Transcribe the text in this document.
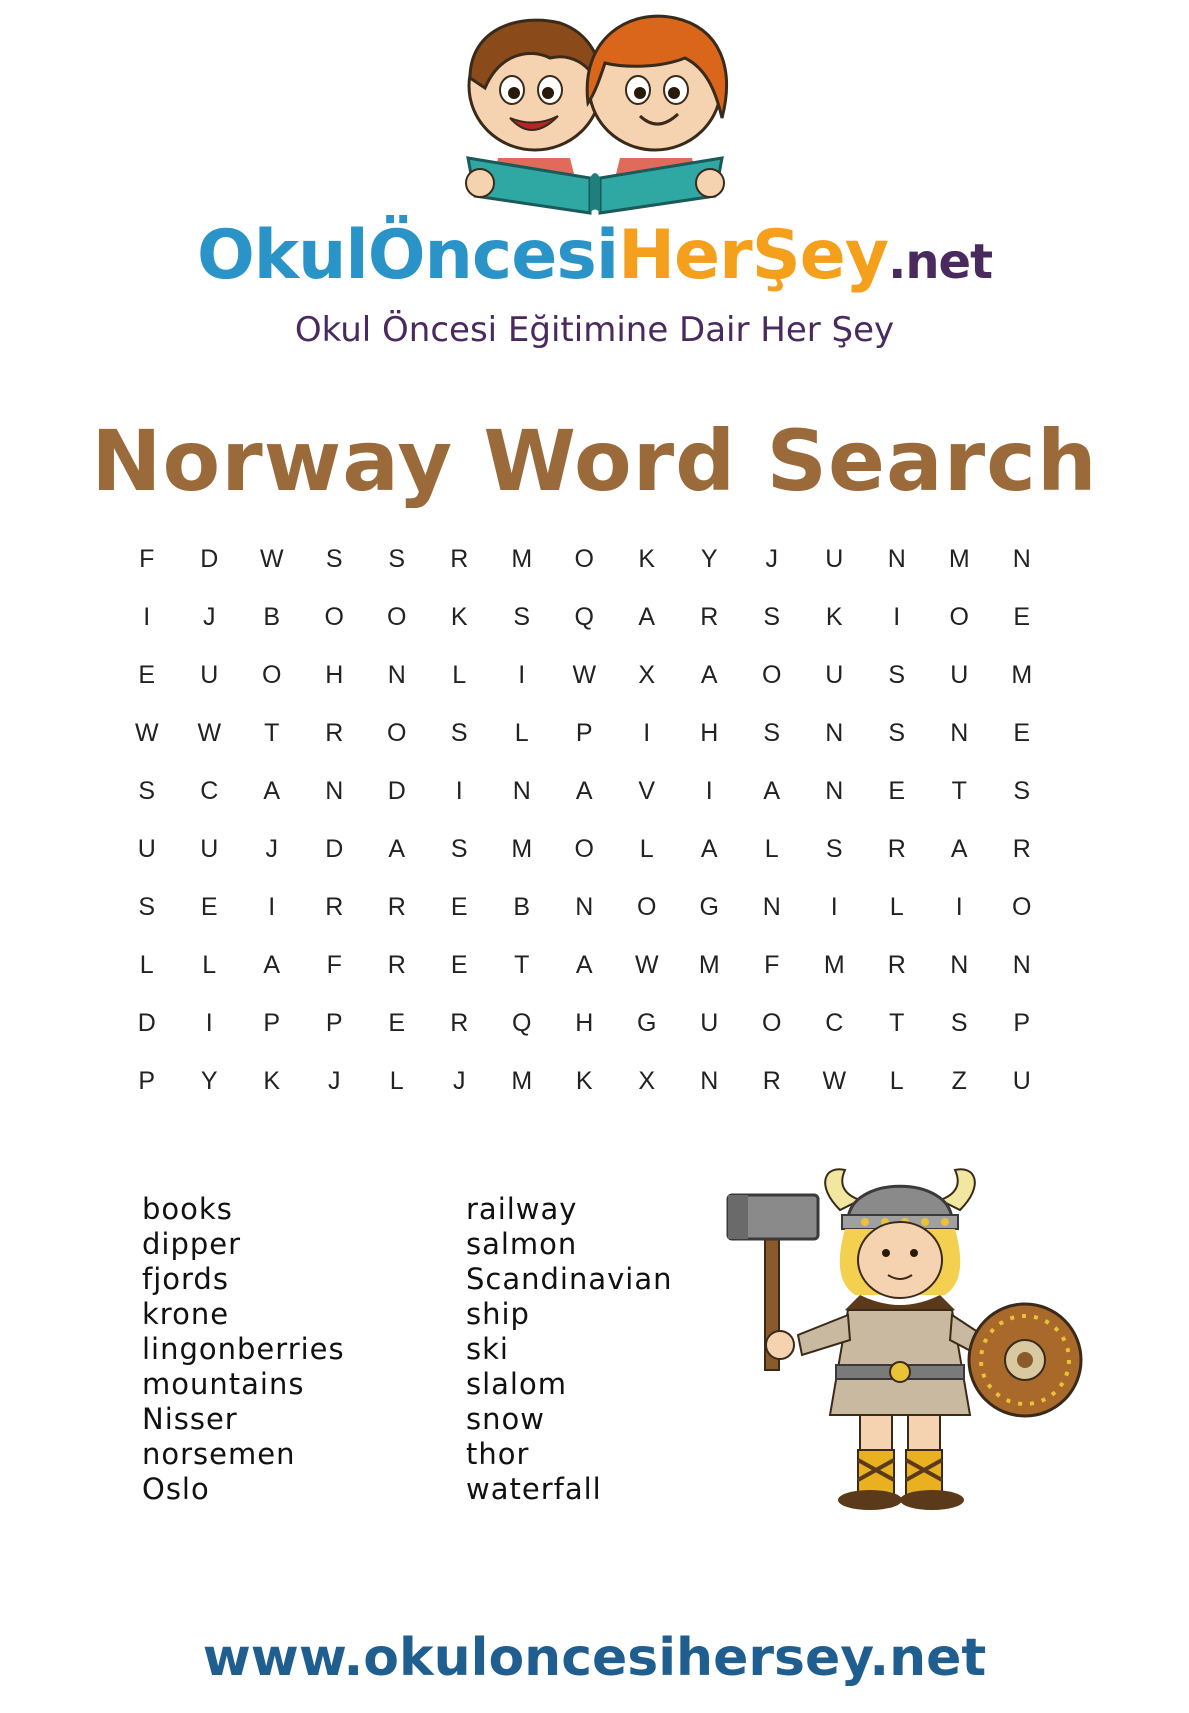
OkulÖncesiHerŞey.net
Okul Öncesi Eğitimine Dair Her Şey
Norway Word Search
F	D	W	S	S	R	M	O	K	Y	J	U	N	M	N
I	J	B	O	O	K	S	Q	A	R	S	K	I	O	E
E	U	O	H	N	L	I	W	X	A	O	U	S	U	M
W	W	T	R	O	S	L	P	I	H	S	N	S	N	E
S	C	A	N	D	I	N	A	V	I	A	N	E	T	S
U	U	J	D	A	S	M	O	L	A	L	S	R	A	R
S	E	I	R	R	E	B	N	O	G	N	I	L	I	O
L	L	A	F	R	E	T	A	W	M	F	M	R	N	N
D	I	P	P	E	R	Q	H	G	U	O	C	T	S	P
P	Y	K	J	L	J	M	K	X	N	R	W	L	Z	U
books
dipper
fjords
krone
lingonberries
mountains
Nisser
norsemen
Oslo
railway
salmon
Scandinavian
ship
ski
slalom
snow
thor
waterfall
www.okuloncesihersey.net
